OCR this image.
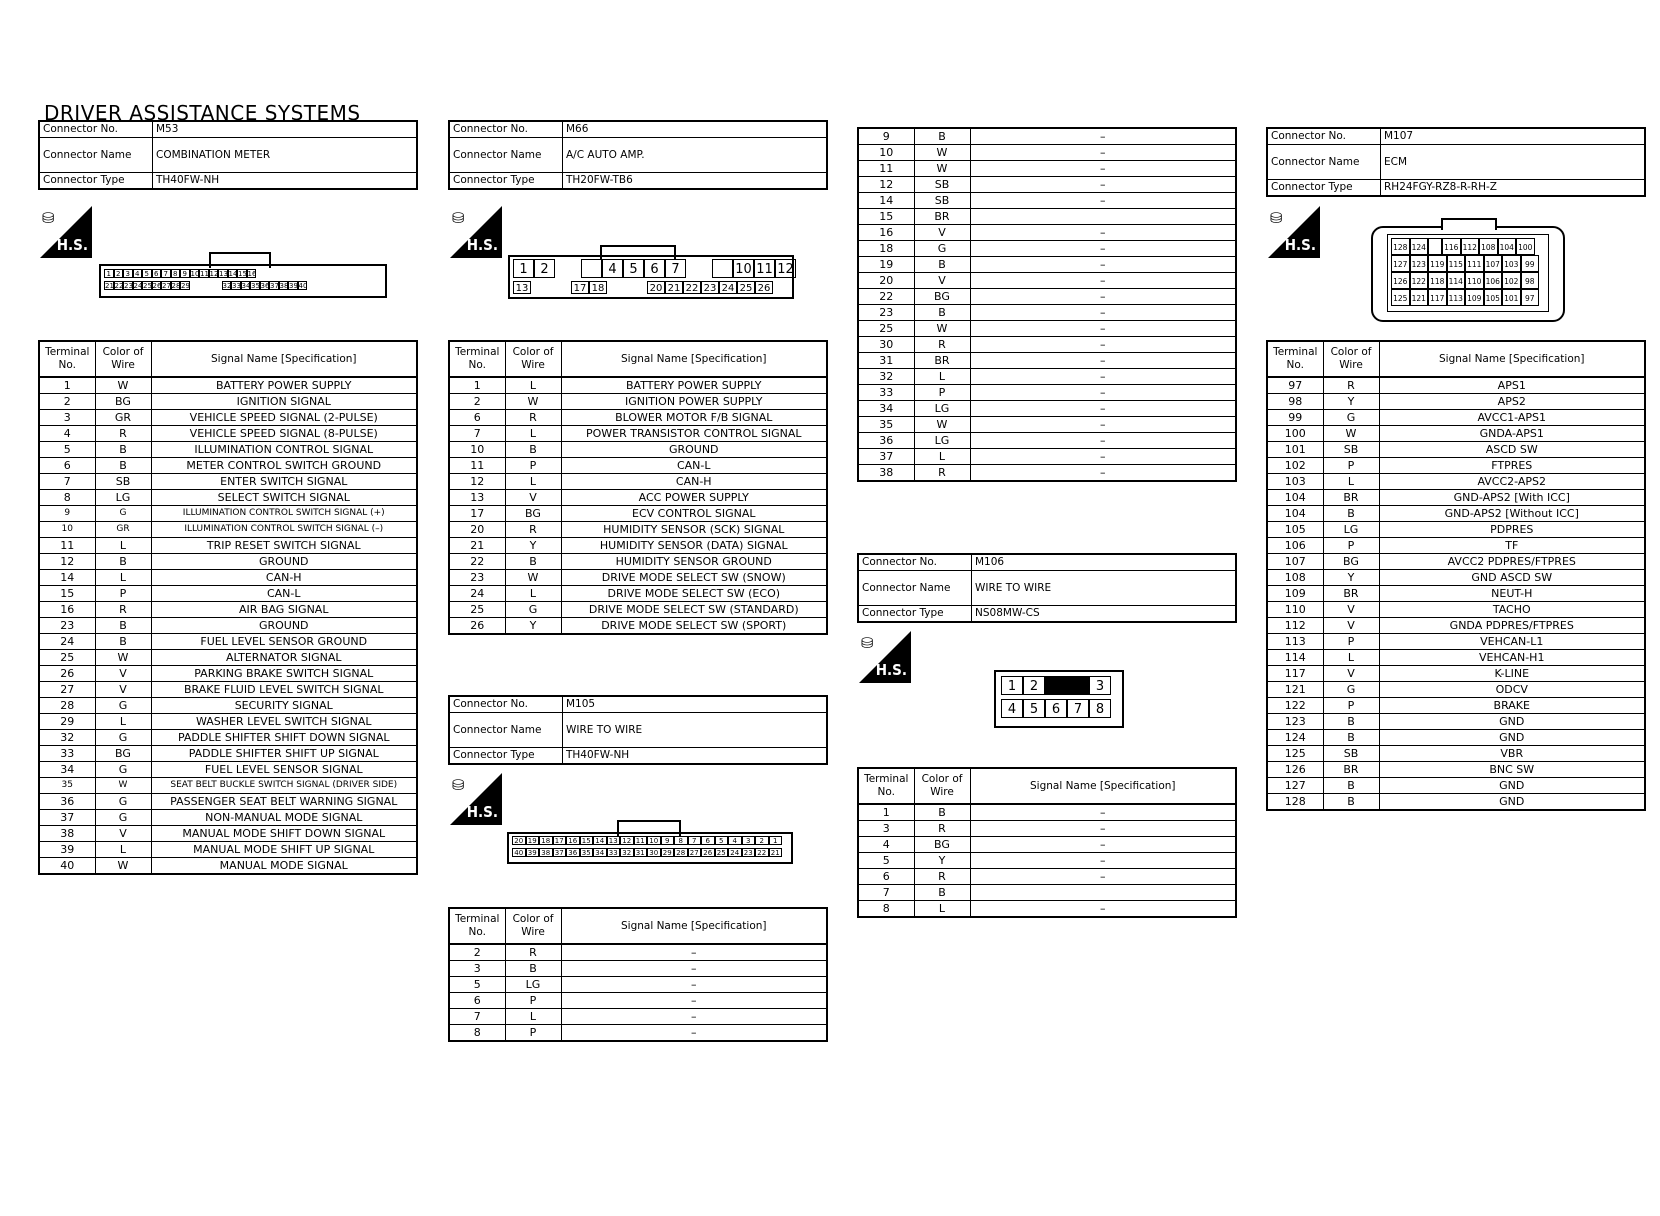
DRIVER ASSISTANCE SYSTEMS
Connector No.	M53
Connector Name	COMBINATION METER
Connector Type	TH40FW-NH
⛁
H.S.
1 2 3 4 5 6 7 8 9 10 11 12 13 14 15 16
21 22 23 24 25 26 27 28 29	32 33 34 35 36 37 38 39 40
Terminal No.	Color of Wire	Signal Name [Specification]
1	W	BATTERY POWER SUPPLY
2	BG	IGNITION SIGNAL
3	GR	VEHICLE SPEED SIGNAL (2-PULSE)
4	R	VEHICLE SPEED SIGNAL (8-PULSE)
5	B	ILLUMINATION CONTROL SIGNAL
6	B	METER CONTROL SWITCH GROUND
7	SB	ENTER SWITCH SIGNAL
8	LG	SELECT SWITCH SIGNAL
9	G	ILLUMINATION CONTROL SWITCH SIGNAL (+)
10	GR	ILLUMINATION CONTROL SWITCH SIGNAL (–)
11	L	TRIP RESET SWITCH SIGNAL
12	B	GROUND
14	L	CAN-H
15	P	CAN-L
16	R	AIR BAG SIGNAL
23	B	GROUND
24	B	FUEL LEVEL SENSOR GROUND
25	W	ALTERNATOR SIGNAL
26	V	PARKING BRAKE SWITCH SIGNAL
27	V	BRAKE FLUID LEVEL SWITCH SIGNAL
28	G	SECURITY SIGNAL
29	L	WASHER LEVEL SWITCH SIGNAL
32	G	PADDLE SHIFTER SHIFT DOWN SIGNAL
33	BG	PADDLE SHIFTER SHIFT UP SIGNAL
34	G	FUEL LEVEL SENSOR SIGNAL
35	W	SEAT BELT BUCKLE SWITCH SIGNAL (DRIVER SIDE)
36	G	PASSENGER SEAT BELT WARNING SIGNAL
37	G	NON-MANUAL MODE SIGNAL
38	V	MANUAL MODE SHIFT DOWN SIGNAL
39	L	MANUAL MODE SHIFT UP SIGNAL
40	W	MANUAL MODE SIGNAL
Connector No.	M66
Connector Name	A/C AUTO AMP.
Connector Type	TH20FW-TB6
⛁
H.S.
1 2	4 5 6 7	10 11 12
13	17 18	20 21 22 23 24 25 26
Terminal No.	Color of Wire	Signal Name [Specification]
1	L	BATTERY POWER SUPPLY
2	W	IGNITION POWER SUPPLY
6	R	BLOWER MOTOR F/B SIGNAL
7	L	POWER TRANSISTOR CONTROL SIGNAL
10	B	GROUND
11	P	CAN-L
12	L	CAN-H
13	V	ACC POWER SUPPLY
17	BG	ECV CONTROL SIGNAL
20	R	HUMIDITY SENSOR (SCK) SIGNAL
21	Y	HUMIDITY SENSOR (DATA) SIGNAL
22	B	HUMIDITY SENSOR GROUND
23	W	DRIVE MODE SELECT SW (SNOW)
24	L	DRIVE MODE SELECT SW (ECO)
25	G	DRIVE MODE SELECT SW (STANDARD)
26	Y	DRIVE MODE SELECT SW (SPORT)
Connector No.	M105
Connector Name	WIRE TO WIRE
Connector Type	TH40FW-NH
⛁
H.S.
20 19 18 17 16 15 14 13 12 11 10 9	8	7	6	5	4	3	2	1
40 39 38 37 36 35 34 33 32 31 30 29 28 27 26 25 24 23 22 21
Terminal No.	Color of Wire	Signal Name [Specification]
2	R	–
3	B	–
5	LG	–
6	P	–
7	L	–
8	P	–
9	B	–
10	W	–
11	W	–
12	SB	–
14	SB	–
15	BR	
16	V	–
18	G	–
19	B	–
20	V	–
22	BG	–
23	B	–
25	W	–
30	R	–
31	BR	–
32	L	–
33	P	–
34	LG	–
35	W	–
36	LG	–
37	L	–
38	R	–
Connector No.	M106
Connector Name	WIRE TO WIRE
Connector Type	NS08MW-CS
⛁
H.S.
1	2	3
4	5	6	7	8
Terminal No.	Color of Wire	Signal Name [Specification]
1	B	–
3	R	–
4	BG	–
5	Y	–
6	R	–
7	B	
8	L	–
Connector No.	M107
Connector Name	ECM
Connector Type	RH24FGY-RZ8-R-RH-Z
⛁
H.S.	128 124 116 112 108 104 100
127 123 119 115 111 107 103 99
126 122 118 114 110 106 102 98
125 121 117 113 109 105 101 97
Terminal No.	Color of Wire	Signal Name [Specification]
97	R	APS1
98	Y	APS2
99	G	AVCC1-APS1
100	W	GNDA-APS1
101	SB	ASCD SW
102	P	FTPRES
103	L	AVCC2-APS2
104	BR	GND-APS2 [With ICC]
104	B	GND-APS2 [Without ICC]
105	LG	PDPRES
106	P	TF
107	BG	AVCC2 PDPRES/FTPRES
108	Y	GND ASCD SW
109	BR	NEUT-H
110	V	TACHO
112	V	GNDA PDPRES/FTPRES
113	P	VEHCAN-L1
114	L	VEHCAN-H1
117	V	K-LINE
121	G	ODCV
122	P	BRAKE
123	B	GND
124	B	GND
125	SB	VBR
126	BR	BNC SW
127	B	GND
128	B	GND
